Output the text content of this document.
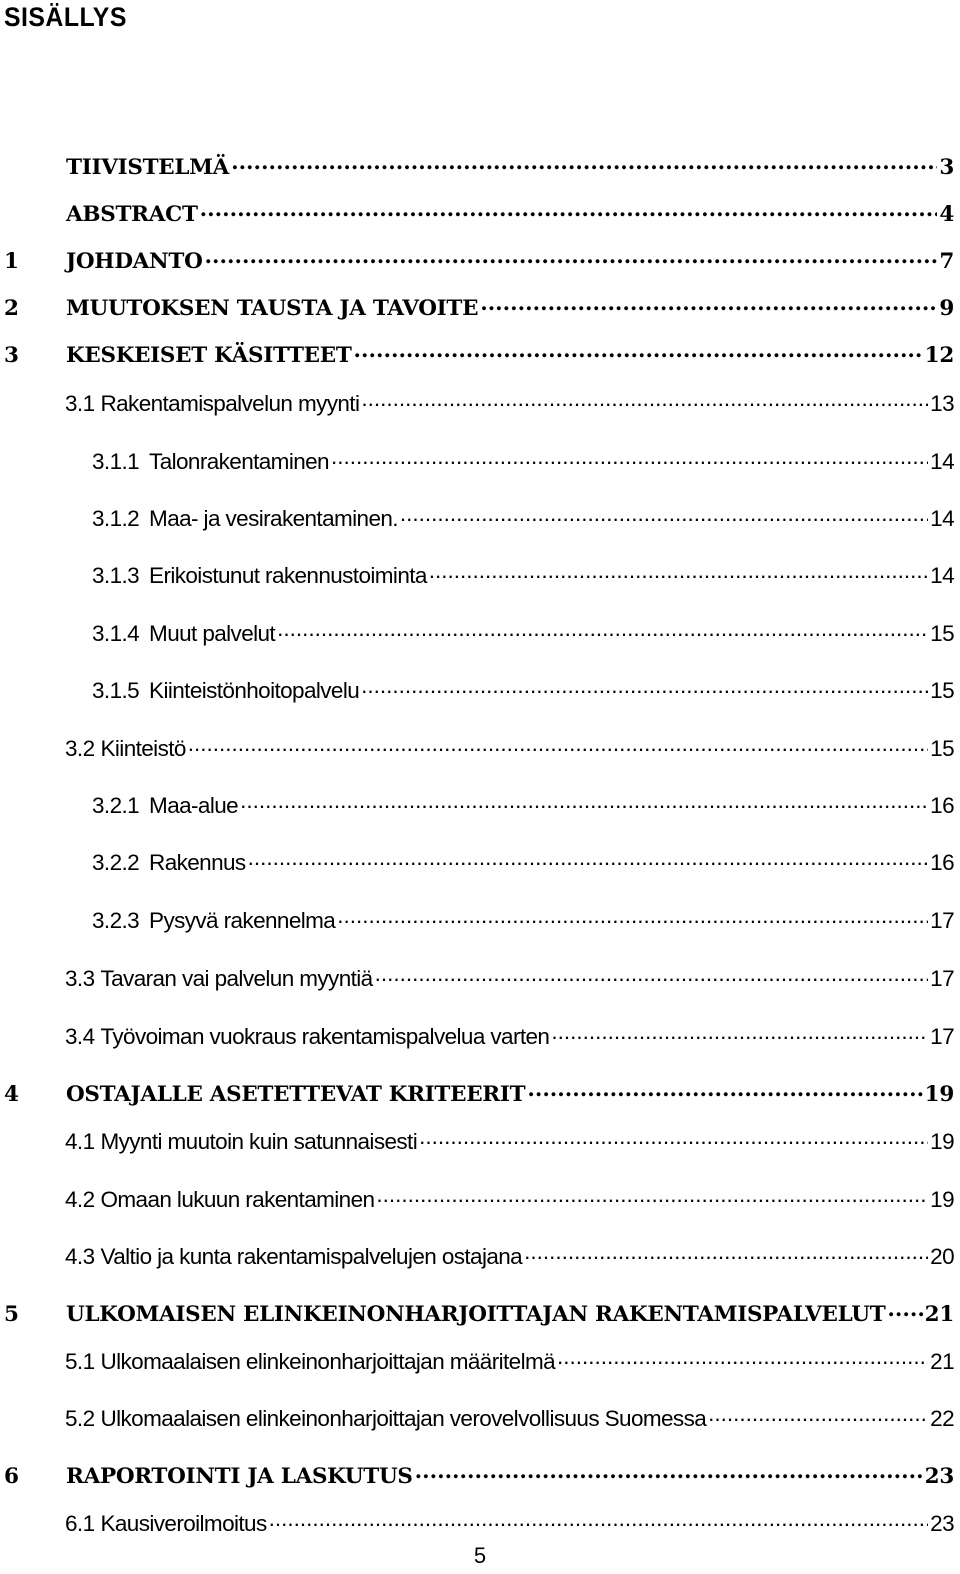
SISÄLLYS
TIIVISTELMÄ .....	3
ABSTRACT .....	4
1	JOHDANTO .....	7
2	MUUTOKSEN TAUSTA JA TAVOITE .....	9
3	KESKEISET KÄSITTEET .....	12
3.1 Rakentamispalvelun myynti .....	13
3.1.1 Talonrakentaminen .....	14
3.1.2 Maa- ja vesirakentaminen. .....	14
3.1.3 Erikoistunut rakennustoiminta .....	14
3.1.4 Muut palvelut .....	15
3.1.5 Kiinteistönhoitopalvelu .....	15
3.2 Kiinteistö .....	15
3.2.1 Maa-alue .....	16
3.2.2 Rakennus .....	16
3.2.3 Pysyvä rakennelma .....	17
3.3 Tavaran vai palvelun myyntiä .....	17
3.4 Työvoiman vuokraus rakentamispalvelua varten .....	17
4	OSTAJALLE ASETETTEVAT KRITEERIT .....	19
4.1 Myynti muutoin kuin satunnaisesti .....	19
4.2 Omaan lukuun rakentaminen .....	19
4.3 Valtio ja kunta rakentamispalvelujen ostajana .....	20
5	ULKOMAISEN ELINKEINONHARJOITTAJAN RAKENTAMISPALVELUT ..... 21
5.1 Ulkomaalaisen elinkeinonharjoittajan määritelmä .....	21
5.2 Ulkomaalaisen elinkeinonharjoittajan verovelvollisuus Suomessa .....	22
6	RAPORTOINTI JA LASKUTUS .....	23
6.1 Kausiveroilmoitus .....	23
5
